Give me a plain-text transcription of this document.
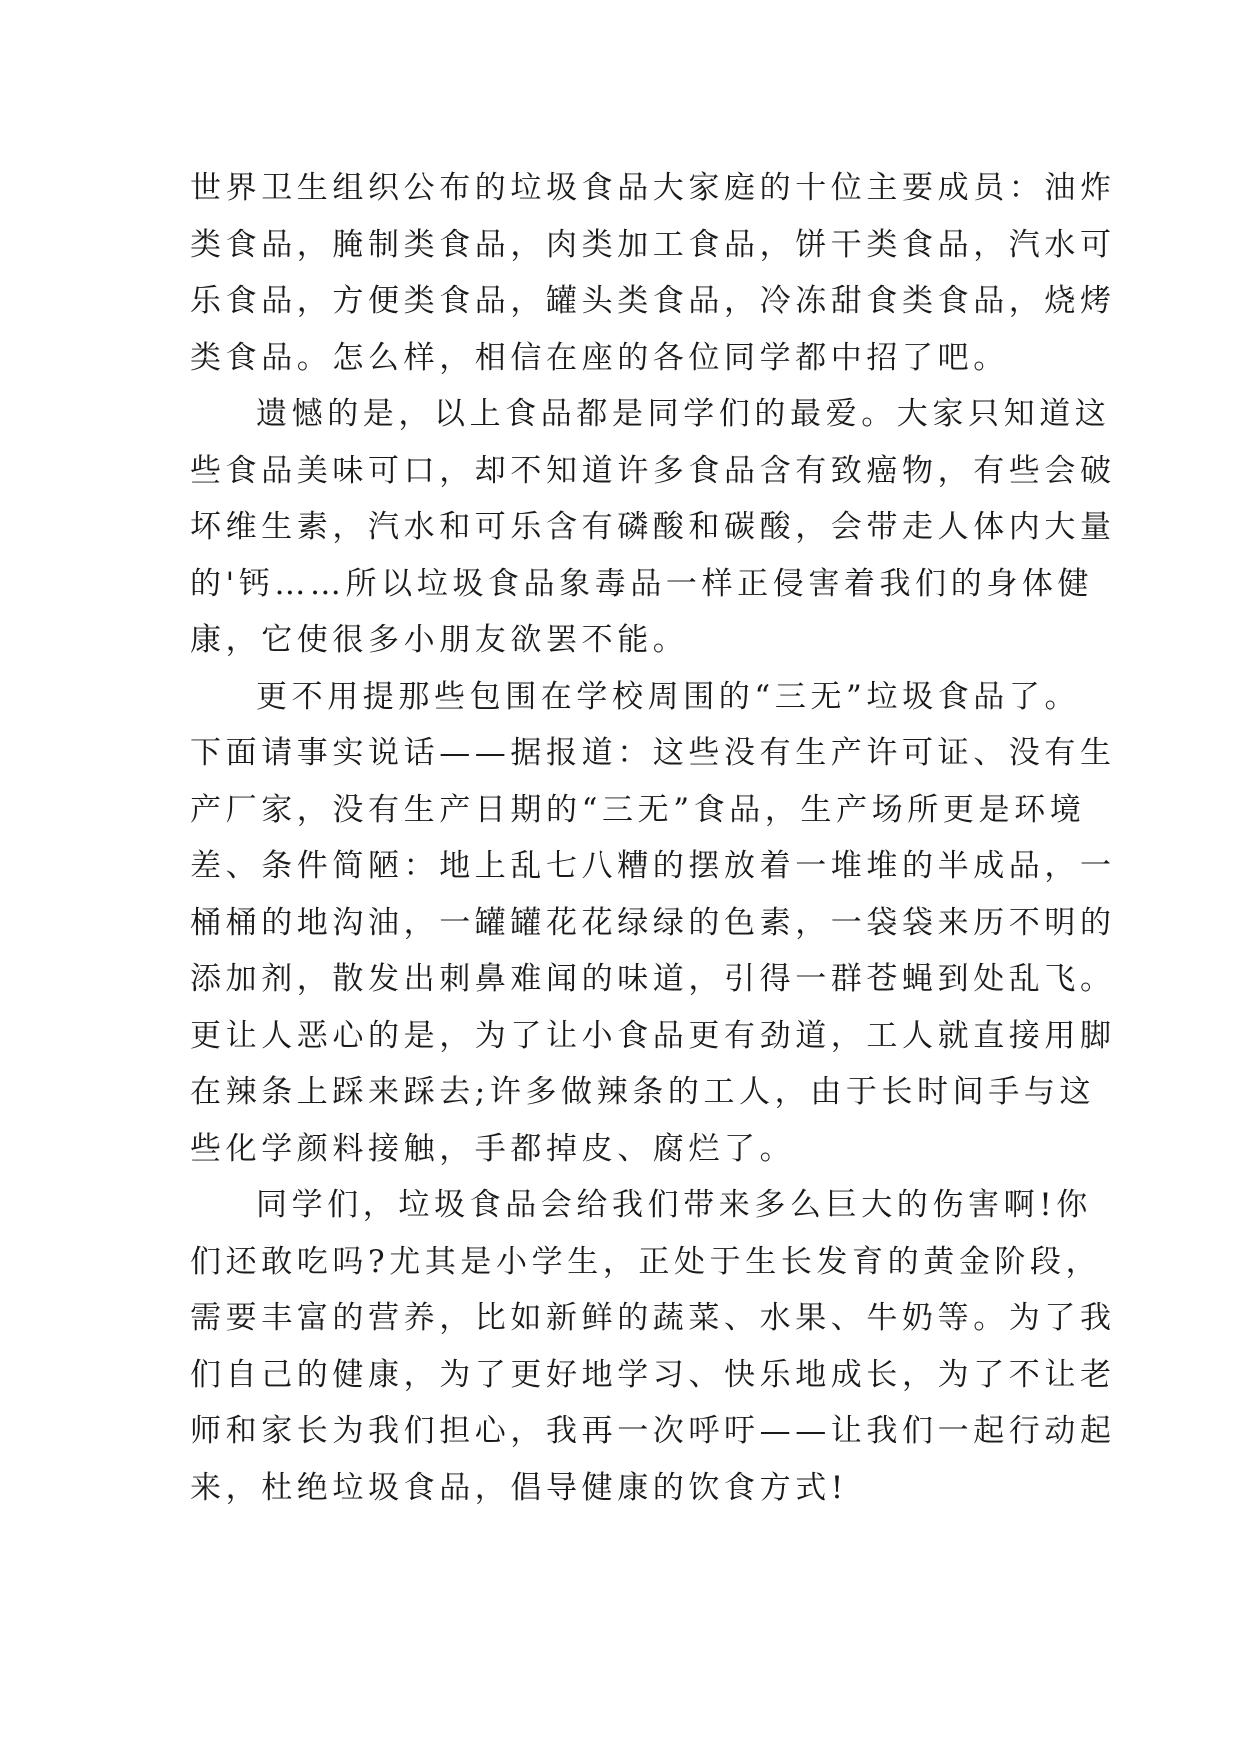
世界卫生组织公布的垃圾食品大家庭的十位主要成员：油炸
类食品，腌制类食品，肉类加工食品，饼干类食品，汽水可
乐食品，方便类食品，罐头类食品，冷冻甜食类食品，烧烤
类食品。怎么样，相信在座的各位同学都中招了吧。
遗憾的是，以上食品都是同学们的最爱。大家只知道这
些食品美味可口，却不知道许多食品含有致癌物，有些会破
坏维生素，汽水和可乐含有磷酸和碳酸，会带走人体内大量
的'钙……所以垃圾食品象毒品一样正侵害着我们的身体健
康，它使很多小朋友欲罢不能。
更不用提那些包围在学校周围的“三无”垃圾食品了。
下面请事实说话——据报道：这些没有生产许可证、没有生
产厂家，没有生产日期的“三无”食品，生产场所更是环境
差、条件简陋：地上乱七八糟的摆放着一堆堆的半成品，一
桶桶的地沟油，一罐罐花花绿绿的色素，一袋袋来历不明的
添加剂，散发出刺鼻难闻的味道，引得一群苍蝇到处乱飞。
更让人恶心的是，为了让小食品更有劲道，工人就直接用脚
在辣条上踩来踩去;许多做辣条的工人，由于长时间手与这
些化学颜料接触，手都掉皮、腐烂了。
同学们，垃圾食品会给我们带来多么巨大的伤害啊!你
们还敢吃吗?尤其是小学生，正处于生长发育的黄金阶段，
需要丰富的营养，比如新鲜的蔬菜、水果、牛奶等。为了我
们自己的健康，为了更好地学习、快乐地成长，为了不让老
师和家长为我们担心，我再一次呼吁——让我们一起行动起
来，杜绝垃圾食品，倡导健康的饮食方式!
